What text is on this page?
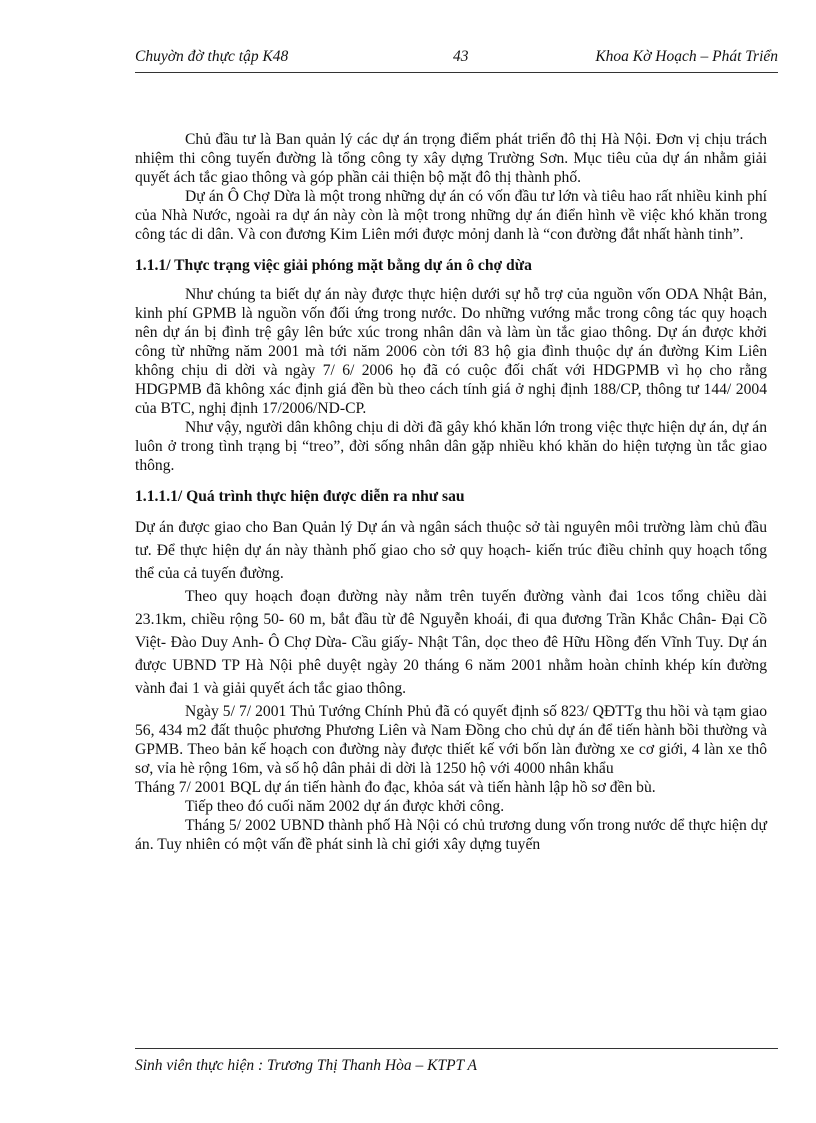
Chuyờn đờ thực tập K48	43	Khoa Kờ Hoạch – Phát Triển

Chủ đầu tư là Ban quản lý các dự án trọng điểm phát triển đô thị Hà Nội. Đơn vị chịu trách nhiệm thi công tuyến đường là tổng công ty xây dựng Trường Sơn. Mục tiêu của dự án nhằm giải quyết ách tắc giao thông và góp phần cải thiện bộ mặt đô thị thành phố.

Dự án Ô Chợ Dừa là một trong những dự án có vốn đầu tư lớn và tiêu hao rất nhiều kinh phí của Nhà Nước, ngoài ra dự án này còn là một trong những dự án điển hình về việc khó khăn trong công tác di dân. Và con đương Kim Liên mới được mỏnj danh là “con đường đắt nhất hành tinh”.

1.1.1/ Thực trạng việc giải phóng mặt bằng dự án ô chợ dừa

Như chúng ta biết dự án này được thực hiện dưới sự hỗ trợ của nguồn vốn ODA Nhật Bản, kinh phí GPMB là nguồn vốn đối ứng trong nước. Do những vướng mắc trong công tác quy hoạch nên dự án bị đình trệ gây lên bức xúc trong nhân dân và làm ùn tắc giao thông. Dự án được khởi công từ những năm 2001 mà tới năm 2006 còn tới 83 hộ gia đình thuộc dự án đường Kim Liên không chịu di dời và ngày 7/ 6/ 2006 họ đã có cuộc đối chất với HDGPMB vì họ cho rằng HDGPMB đã không xác định giá đền bù theo cách tính giá ở nghị định 188/CP, thông tư 144/ 2004 của BTC, nghị định 17/2006/ND-CP.

Như vậy, người dân không chịu di dời đã gây khó khăn lớn trong việc thực hiện dự án, dự án luôn ở trong tình trạng bị “treo”, đời sống nhân dân gặp nhiều khó khăn do hiện tượng ùn tắc giao thông.

1.1.1.1/ Quá trình thực hiện được diễn ra như sau

Dự án được giao cho Ban Quản lý Dự án và ngân sách thuộc sở tài nguyên môi trường làm chủ đầu tư. Để thực hiện dự án này thành phố giao cho sở quy hoạch- kiến trúc điều chỉnh quy hoạch tổng thể của cả tuyến đường.

Theo quy hoạch đoạn đường này nằm trên tuyến đường vành đai 1cos tổng chiều dài 23.1km, chiều rộng 50- 60 m, bắt đầu từ đê Nguyễn khoái, đi qua đương Trần Khắc Chân- Đại Cồ Việt- Đào Duy Anh- Ô Chợ Dừa- Cầu giấy- Nhật Tân, dọc theo đê Hữu Hồng đến Vĩnh Tuy. Dự án được UBND TP Hà Nội phê duyệt ngày 20 tháng 6 năm 2001 nhằm hoàn chỉnh khép kín đường vành đai 1 và giải quyết ách tắc giao thông.

Ngày 5/ 7/ 2001 Thủ Tướng Chính Phủ đã có quyết định số 823/ QĐTTg thu hồi và tạm giao 56, 434 m2 đất thuộc phương Phương Liên và Nam Đồng cho chủ dự án để tiến hành bồi thường và GPMB. Theo bản kế hoạch con đường này được thiết kế với bốn làn đường xe cơ giới, 4 làn xe thô sơ, vỉa hè rộng 16m, và số hộ dân phải di dời là 1250 hộ với 4000 nhân khẩu

Tháng 7/ 2001 BQL dự án tiến hành đo đạc, khỏa sát và tiến hành lập hồ sơ đền bù.

Tiếp theo đó cuối năm 2002 dự án được khởi công.

Tháng 5/ 2002 UBND thành phố Hà Nội có chủ trương dung vốn trong nước dể thực hiện dự án. Tuy nhiên có một vấn đề phát sinh là chỉ giới xây dựng tuyến

Sinh viên thực hiện : Trương Thị Thanh Hòa – KTPT A
